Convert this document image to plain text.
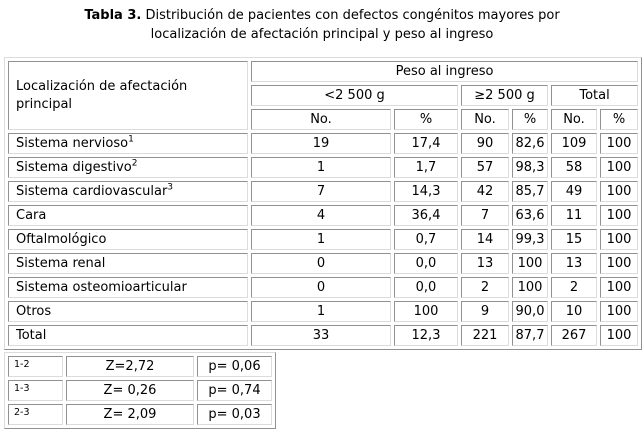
Tabla 3. Distribución de pacientes con defectos congénitos mayores por
localización de afectación principal y peso al ingreso
Localización de afectación principal	Peso al ingreso					
	<2 500 g		≥2 500 g		Total	
	No.	%	No.	%	No.	%
Sistema nervioso$^1$	19	17,4	90	82,6	109	100
Sistema digestivo$^2$	1	1,7	57	98,3	58	100
Sistema cardiovascular$^3$	7	14,3	42	85,7	49	100
Cara	4	36,4	7	63,6	11	100
Oftalmológico	1	0,7	14	99,3	15	100
Sistema renal	0	0,0	13	100	13	100
Sistema osteomioarticular	0	0,0	2	100	2	100
Otros	1	100	9	90,0	10	100
Total	33	12,3	221	87,7	267	100
1-2	Z=2,72	p= 0,06
1-3	Z= 0,26	p= 0,74
2-3	Z= 2,09	p= 0,03
